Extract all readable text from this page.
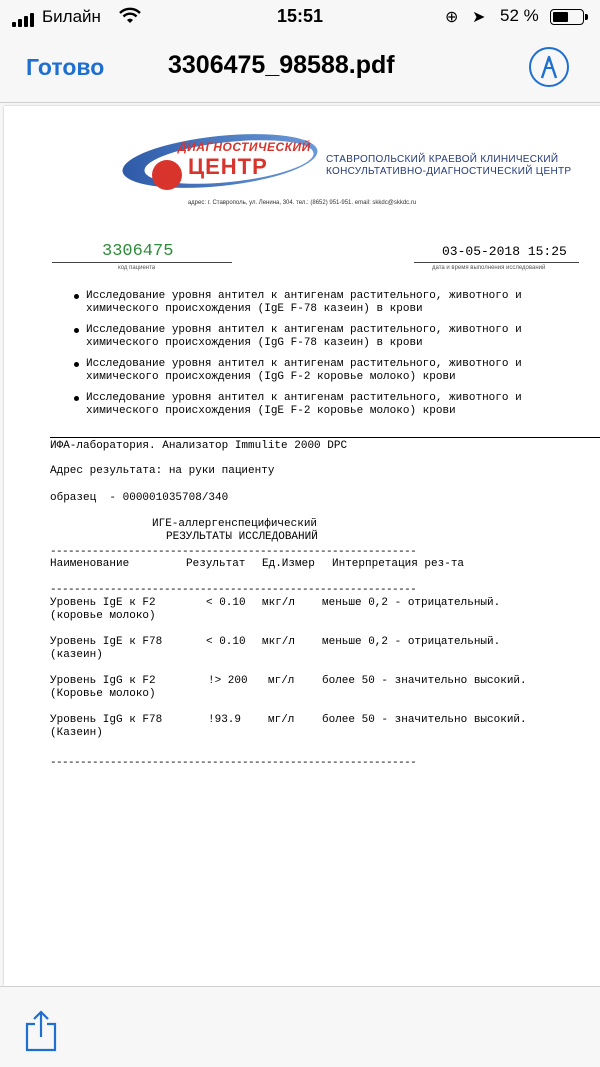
Билайн	15:51	⊕ ➤ 52 %
Готово	3306475_98588.pdf
ДИАГНОСТИЧЕСКИЙ
ЦЕНТР	СТАВРОПОЛЬСКИЙ КРАЕВОЙ КЛИНИЧЕСКИЙ
КОНСУЛЬТАТИВНО-ДИАГНОСТИЧЕСКИЙ ЦЕНТР
адрес: г. Ставрополь, ул. Ленина, 304. тел.: (8652) 951-951. email: skkdc@skkdc.ru
3306475
код пациента
03-05-2018 15:25
дата и время выполнения исследований
Исследование уровня антител к антигенам растительного, животного и
химического происхождения (IgE F-78 казеин) в крови
Исследование уровня антител к антигенам растительного, животного и
химического происхождения (IgG F-78 казеин) в крови
Исследование уровня антител к антигенам растительного, животного и
химического происхождения (IgG F-2 коровье молоко) крови
Исследование уровня антител к антигенам растительного, животного и
химического происхождения (IgE F-2 коровье молоко) крови
ИФА-лаборатория. Анализатор Immulite 2000 DPC
Адрес результата: на руки пациенту
образец  - 000001035708/340
ИГЕ-аллергенспецифический
РЕЗУЛЬТАТЫ ИССЛЕДОВАНИЙ
-------------------------------------------------------------
Наименование	Результат Ед.Измер Интерпретация рез-та
-------------------------------------------------------------
Уровень IgE к F2
(коровье молоко)
< 0.10 мкг/л меньше 0,2 - отрицательный.
Уровень IgE к F78
(казеин)
< 0.10 мкг/л меньше 0,2 - отрицательный.
Уровень IgG к F2
(Коровье молоко)
!> 200 мг/л	более 50 - значительно высокий.
Уровень IgG к F78
(Казеин)
!93.9 мг/л	более 50 - значительно высокий.
-------------------------------------------------------------
